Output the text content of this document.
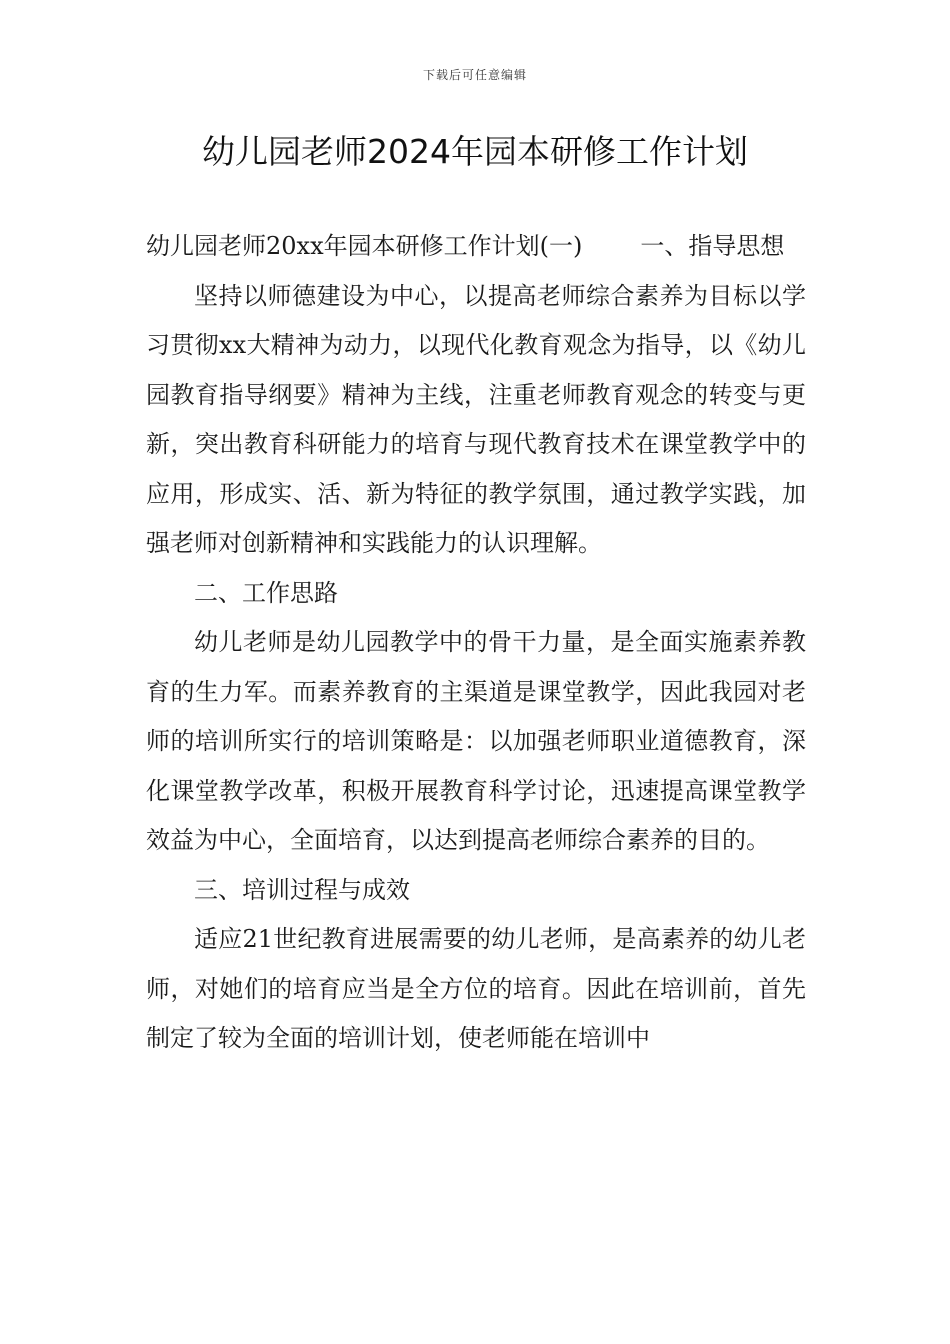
下载后可任意编辑
幼儿园老师2024年园本研修工作计划

幼儿园老师20xx年园本研修工作计划(一) 一、指导思想

坚持以师德建设为中心，以提高老师综合素养为目标以学习贯彻xx大精神为动力，以现代化教育观念为指导，以《幼儿园教育指导纲要》精神为主线，注重老师教育观念的转变与更新，突出教育科研能力的培育与现代教育技术在课堂教学中的应用，形成实、活、新为特征的教学氛围，通过教学实践，加强老师对创新精神和实践能力的认识理解。

二、工作思路

幼儿老师是幼儿园教学中的骨干力量，是全面实施素养教育的生力军。而素养教育的主渠道是课堂教学，因此我园对老师的培训所实行的培训策略是：以加强老师职业道德教育，深化课堂教学改革，积极开展教育科学讨论，迅速提高课堂教学效益为中心，全面培育，以达到提高老师综合素养的目的。

三、培训过程与成效

适应21世纪教育进展需要的幼儿老师，是高素养的幼儿老师，对她们的培育应当是全方位的培育。因此在培训前，首先制定了较为全面的培训计划，使老师能在培训中
